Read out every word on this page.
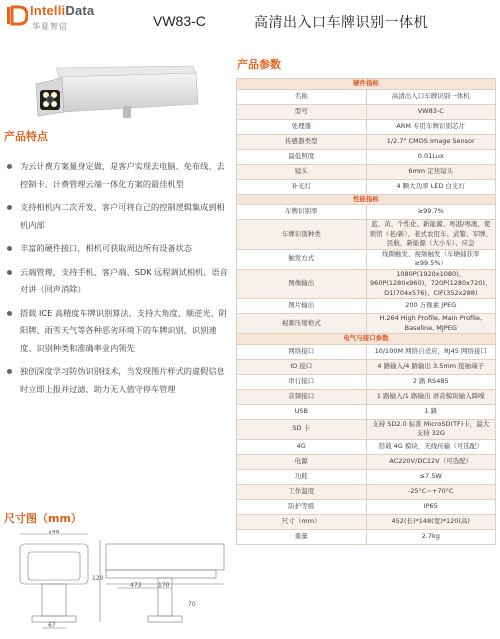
IntelliData
华夏智信	VW83-C	高清出入口车牌识别一体机
产品特点
为云计费方案量身定做，是客户实现去电脑、免布线、去控制卡、计费管理云端一体化方案的最佳机型
支持相机内二次开发，客户可将自己的控制逻辑集成到相机内部
丰富的硬件接口，相机可获取周边所有设备状态
云端管理，支持手机、客户端、SDK 远程调试相机、语音对讲（回声消除）
搭载 ICE 高精度车牌识别算法，支持大角度、顺逆光、阴阳牌、雨雪天气等各种恶劣环境下的车牌识别，识别速度、识别种类和准确率业内领先
独创深度学习防伪识别技术，当发现图片样式的虚假信息时立即上报并过滤，助力无人值守停车管理
尺寸图（mm）
148
67
473	170
120
70
产品参数
硬件指标	
名称	高清出入口车牌识别一体机
型号	VW83-C
处理器	ARM 专用车牌识别芯片
传感器类型	1/2.7" CMOS Image Sensor
最低照度	0.01Lux
镜头	6mm 定焦镜头
补光灯	4 颗大功率 LED 白光灯
性能指标	
车牌识别率	≥99.7%
车牌识别种类	蓝、黄、个性化、新能源、粤港/粤澳、使领馆（老/新）、老式农用车、武警、军牌、民航、新能源（大小车）、应急
触发方式	线圈触发、视频触发（车辆捕获率≥99.5%）
图像输出	1080P(1920x1080)、960P(1280x960)、720P(1280x720)、D1(704x576)、CIF(352x288)
图片输出	200 万像素 JPEG
视频压缩格式	H.264 High Profile, Main Profile, Baseline, MJPEG
电气与接口参数	
网络接口	10/100M 网络自适应，RJ45 网络接口
IO 接口	4 路输入/4 路输出 3.5mm 接插端子
串行接口	2 路 RS485
音频接口	1 路输入/1 路输出 语音模块输入降噪
USB	1 路
SD 卡	支持 SD2.0 标准 MicroSD(TF)卡，最大支持 32G
4G	搭载 4G 模块，无线传输（可选配）
电源	AC220V/DC12V（可选配）
功耗	≤7.5W
工作温度	-25°C~+70°C
防护等级	IP65
尺寸（mm）	452(长)*148(宽)*120(高)
重量	2.7kg
